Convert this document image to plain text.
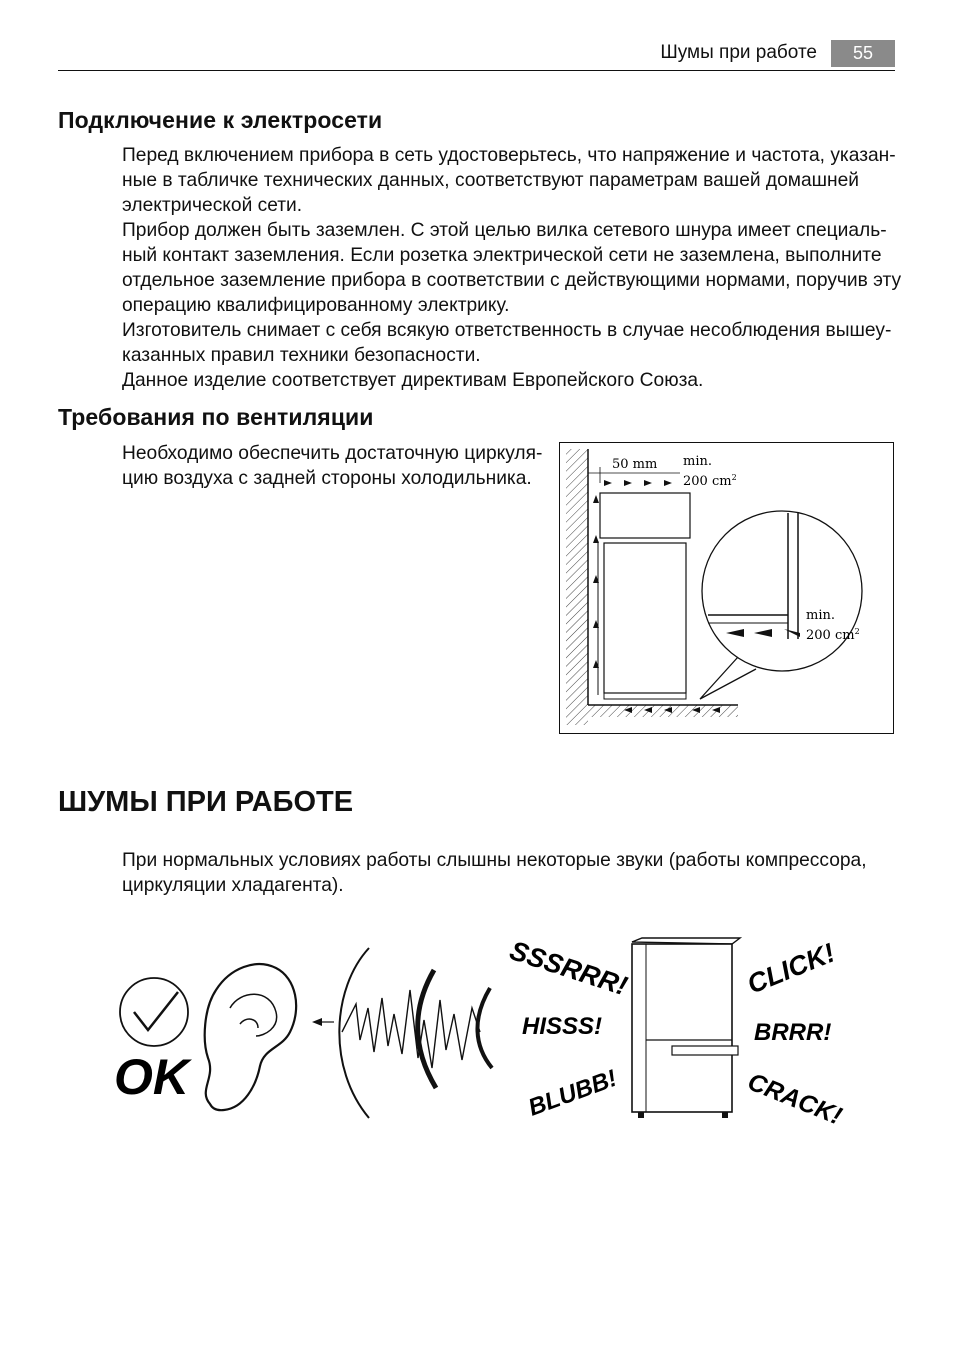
Шумы при работе	55
Подключение к электросети

Перед включением прибора в сеть удостоверьтесь, что напряжение и частота, указан-ные в табличке технических данных, соответствуют параметрам вашей домашней электрической сети.

Прибор должен быть заземлен. С этой целью вилка сетевого шнура имеет специаль-ный контакт заземления. Если розетка электрической сети не заземлена, выполните отдельное заземление прибора в соответствии с действующими нормами, поручив эту операцию квалифицированному электрику.

Изготовитель снимает с себя всякую ответственность в случае несоблюдения вышеу-казанных правил техники безопасности.

Данное изделие соответствует директивам Европейского Союза.

Требования по вентиляции
Необходимо обеспечить достаточную циркуля-цию воздуха с задней стороны холодильника.
50 mm min.
200 $cm^2$
min.
200 $cm^2$
ШУМЫ ПРИ РАБОТЕ
При нормальных условиях работы слышны некоторые звуки (работы компрессора, циркуляции хладагента).
OK
SSSRRR!
HISSS!
BLUBB!
CLICK!
BRRR!
CRACK!
